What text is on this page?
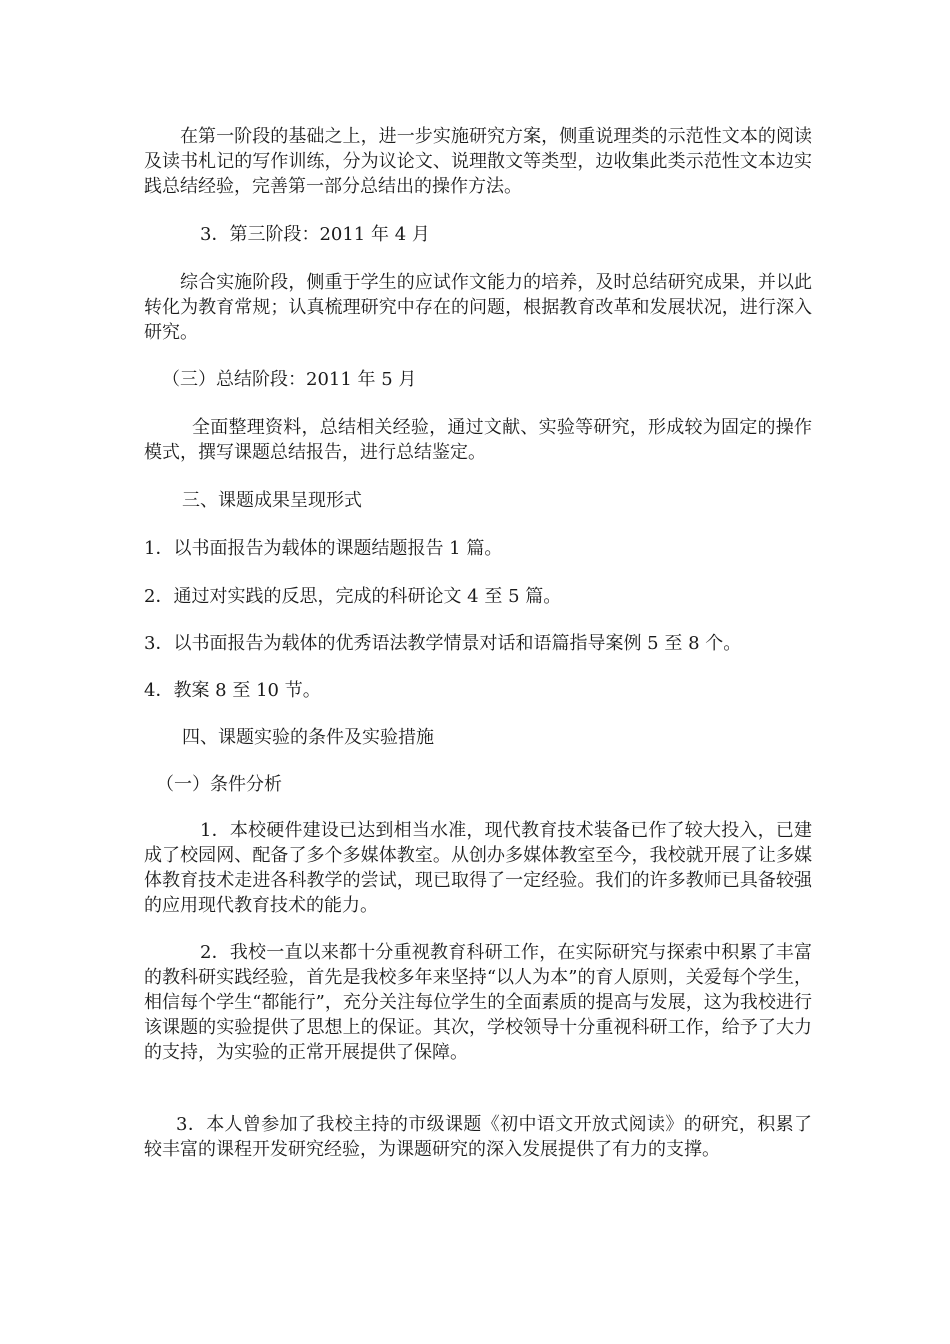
在第一阶段的基础之上，进一步实施研究方案，侧重说理类的示范性文本的阅读及读书札记的写作训练，分为议论文、说理散文等类型，边收集此类示范性文本边实践总结经验，完善第一部分总结出的操作方法。

3．第三阶段：2011 年 4 月

综合实施阶段，侧重于学生的应试作文能力的培养，及时总结研究成果，并以此转化为教育常规；认真梳理研究中存在的问题，根据教育改革和发展状况，进行深入研究。

（三）总结阶段：2011 年 5 月

全面整理资料，总结相关经验，通过文献、实验等研究，形成较为固定的操作模式，撰写课题总结报告，进行总结鉴定。

三、课题成果呈现形式

1．以书面报告为载体的课题结题报告 1 篇。

2．通过对实践的反思，完成的科研论文 4 至 5 篇。

3．以书面报告为载体的优秀语法教学情景对话和语篇指导案例 5 至 8 个。

4．教案 8 至 10 节。

四、课题实验的条件及实验措施

（一）条件分析

1．本校硬件建设已达到相当水准，现代教育技术装备已作了较大投入，已建成了校园网、配备了多个多媒体教室。从创办多媒体教室至今，我校就开展了让多媒体教育技术走进各科教学的尝试，现已取得了一定经验。我们的许多教师已具备较强的应用现代教育技术的能力。

2．我校一直以来都十分重视教育科研工作，在实际研究与探索中积累了丰富的教科研实践经验，首先是我校多年来坚持“以人为本”的育人原则，关爱每个学生，相信每个学生“都能行”，充分关注每位学生的全面素质的提高与发展，这为我校进行该课题的实验提供了思想上的保证。其次，学校领导十分重视科研工作，给予了大力的支持，为实验的正常开展提供了保障。

3．本人曾参加了我校主持的市级课题《初中语文开放式阅读》的研究，积累了较丰富的课程开发研究经验，为课题研究的深入发展提供了有力的支撑。
